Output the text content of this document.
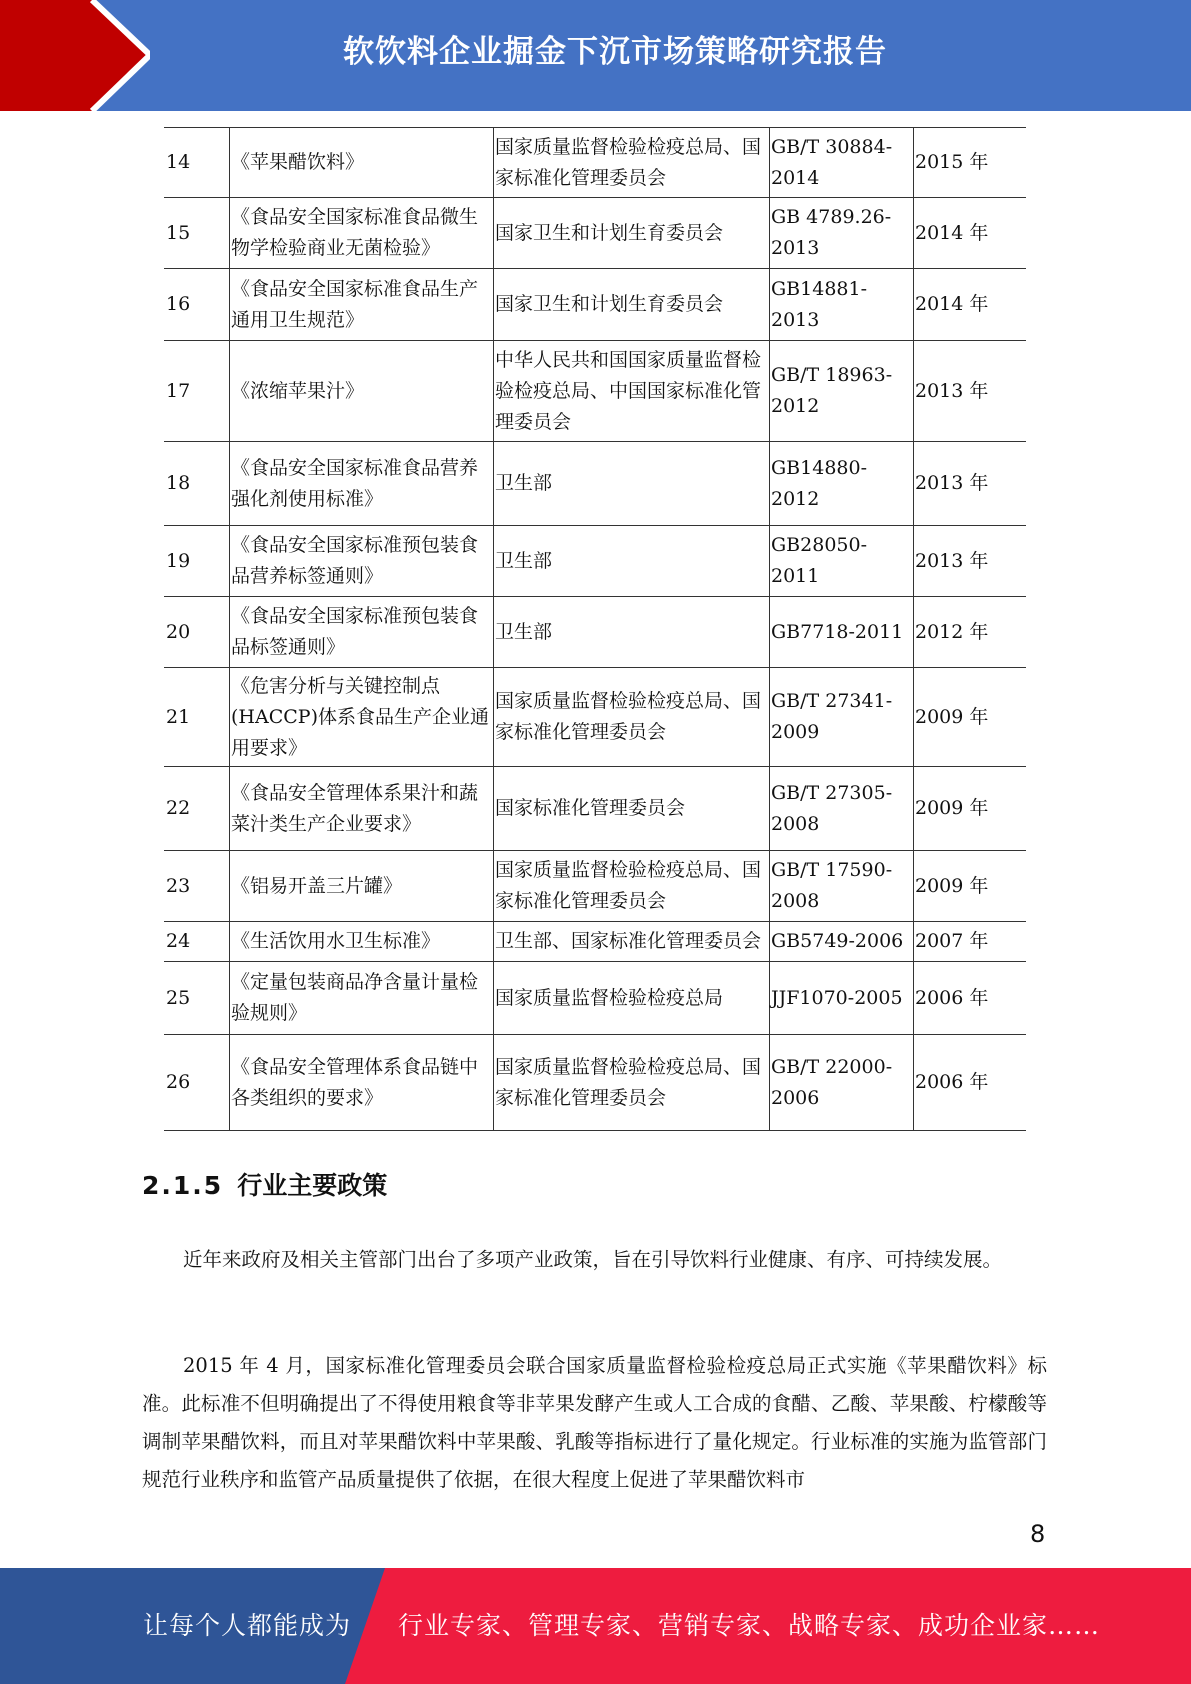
软饮料企业掘金下沉市场策略研究报告
14	《苹果醋饮料》	国家质量监督检验检疫总局、国家标准化管理委员会	GB/T 30884-2014	2015 年
15	《食品安全国家标准食品微生物学检验商业无菌检验》	国家卫生和计划生育委员会	GB 4789.26-2013	2014 年
16	《食品安全国家标准食品生产通用卫生规范》	国家卫生和计划生育委员会	GB14881-2013	2014 年
17	《浓缩苹果汁》	中华人民共和国国家质量监督检验检疫总局、中国国家标准化管理委员会	GB/T 18963-2012	2013 年
18	《食品安全国家标准食品营养强化剂使用标准》	卫生部	GB14880-2012	2013 年
19	《食品安全国家标准预包装食品营养标签通则》	卫生部	GB28050-2011	2013 年
20	《食品安全国家标准预包装食品标签通则》	卫生部	GB7718-2011	2012 年
21	《危害分析与关键控制点(HACCP)体系食品生产企业通用要求》	国家质量监督检验检疫总局、国家标准化管理委员会	GB/T 27341-2009	2009 年
22	《食品安全管理体系果汁和蔬菜汁类生产企业要求》	国家标准化管理委员会	GB/T 27305-2008	2009 年
23	《铝易开盖三片罐》	国家质量监督检验检疫总局、国家标准化管理委员会	GB/T 17590-2008	2009 年
24	《生活饮用水卫生标准》	卫生部、国家标准化管理委员会	GB5749-2006	2007 年
25	《定量包装商品净含量计量检验规则》	国家质量监督检验检疫总局	JJF1070-2005	2006 年
26	《食品安全管理体系食品链中各类组织的要求》	国家质量监督检验检疫总局、国家标准化管理委员会	GB/T 22000-2006	2006 年
2.1.5 行业主要政策
近年来政府及相关主管部门出台了多项产业政策，旨在引导饮料行业健康、有序、可持续发展。
2015 年 4 月，国家标准化管理委员会联合国家质量监督检验检疫总局正式实施《苹果醋饮料》标准。此标准不但明确提出了不得使用粮食等非苹果发酵产生或人工合成的食醋、乙酸、苹果酸、柠檬酸等调制苹果醋饮料，而且对苹果醋饮料中苹果酸、乳酸等指标进行了量化规定。行业标准的实施为监管部门规范行业秩序和监管产品质量提供了依据，在很大程度上促进了苹果醋饮料市
8
让每个人都能成为 行业专家、管理专家、营销专家、战略专家、成功企业家……
